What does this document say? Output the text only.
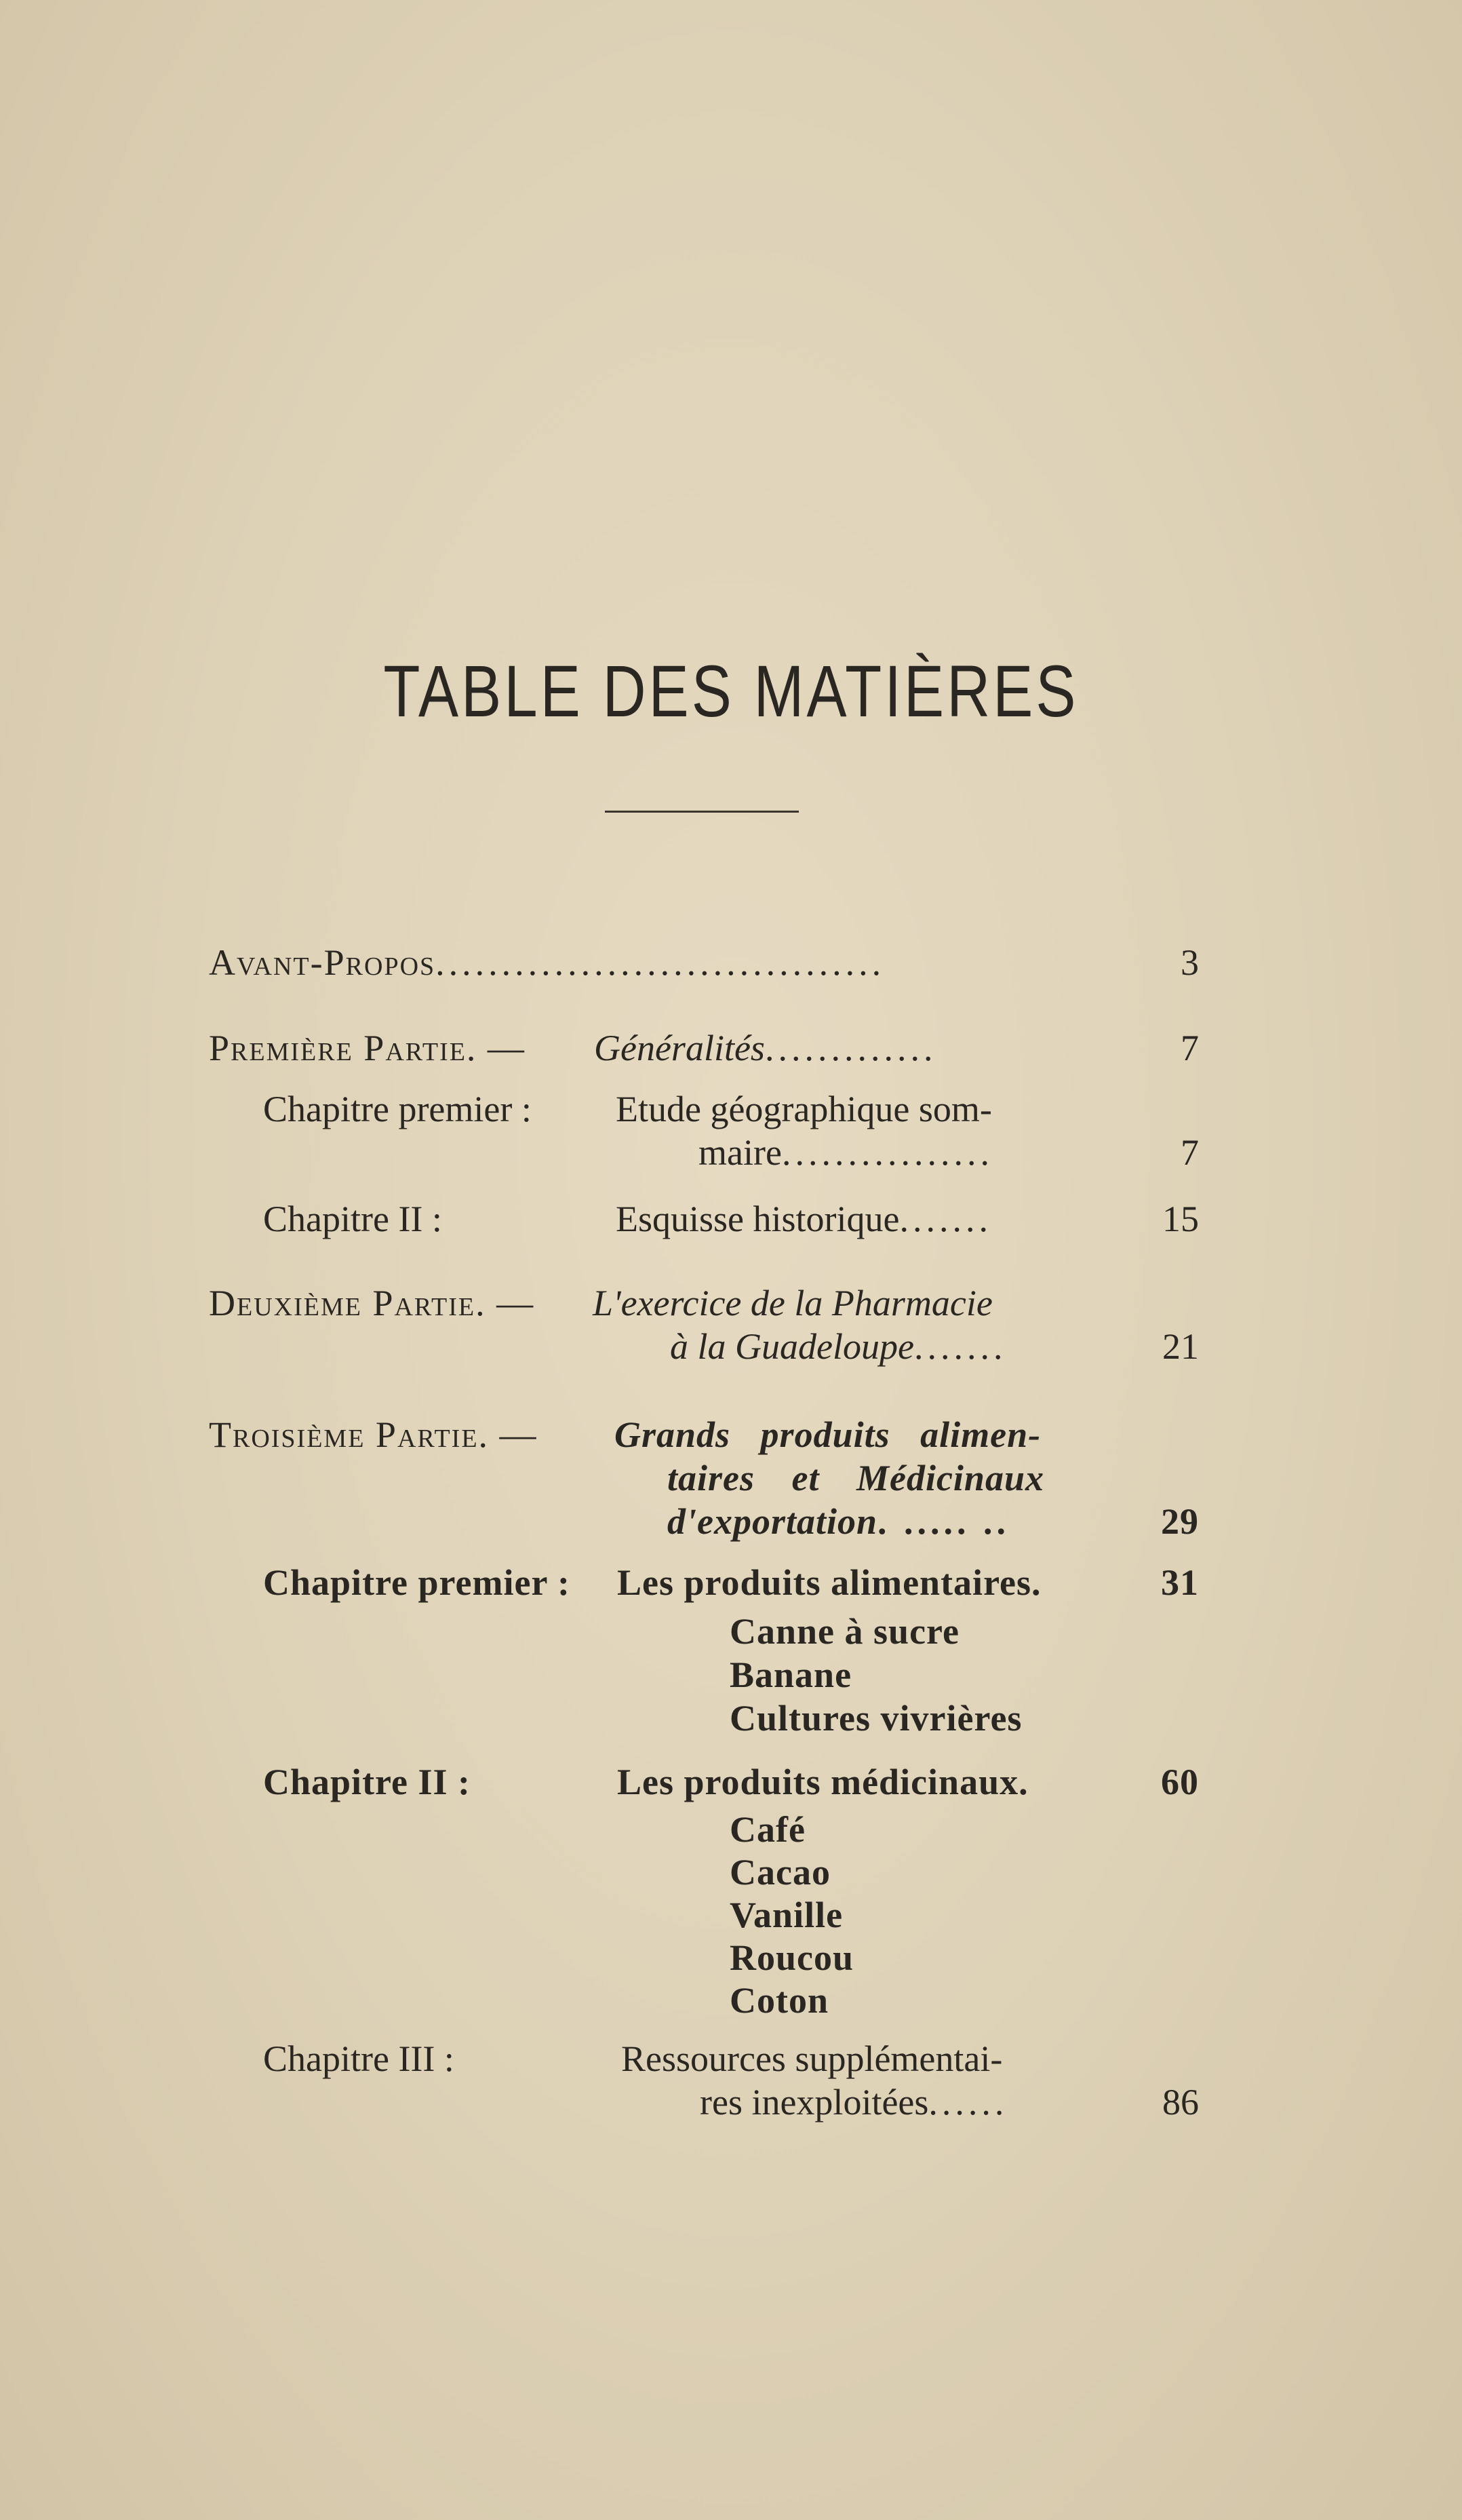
TABLE DES MATIÈRES
Avant-Propos..................................	3
Première Partie. — Généralités.............	7
Chapitre premier : Etude géographique som-
maire................	7
Chapitre II :	Esquisse historique.......	15
Deuxième Partie. — L'exercice de la Pharmacie
à la Guadeloupe.......	21
Troisième Partie. — Grands produits alimen-
taires et Médicinaux
d'exportation. ..... ..	29
Chapitre premier : Les produits alimentaires.	31
Canne à sucre
Banane
Cultures vivrières
Chapitre II :	Les produits médicinaux.	60
Café
Cacao
Vanille
Roucou
Coton
Chapitre III :	Ressources supplémentai-
res inexploitées......	86
